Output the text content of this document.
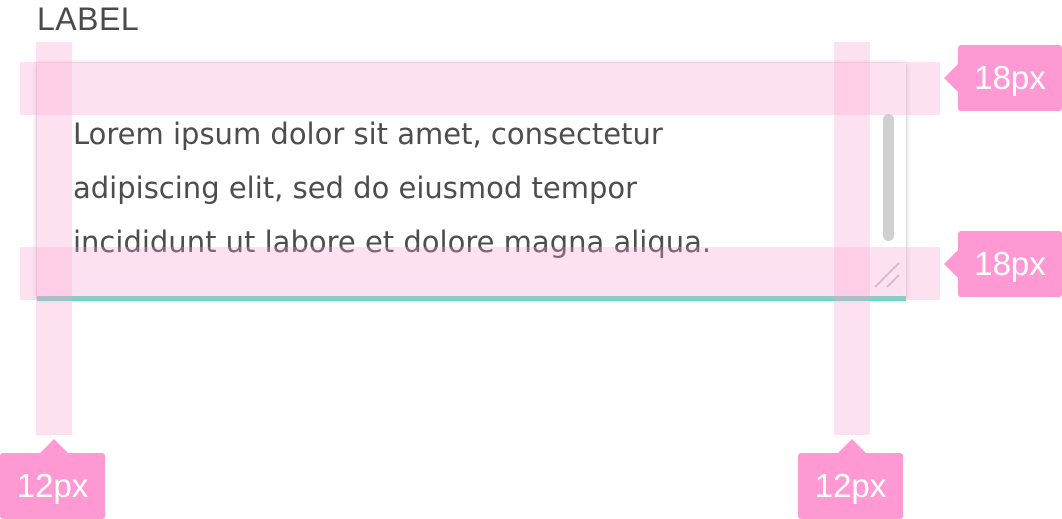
LABEL
Lorem ipsum dolor sit amet, consectetur
adipiscing elit, sed do eiusmod tempor
incididunt ut labore et dolore magna aliqua.
18px
18px
12px	12px
